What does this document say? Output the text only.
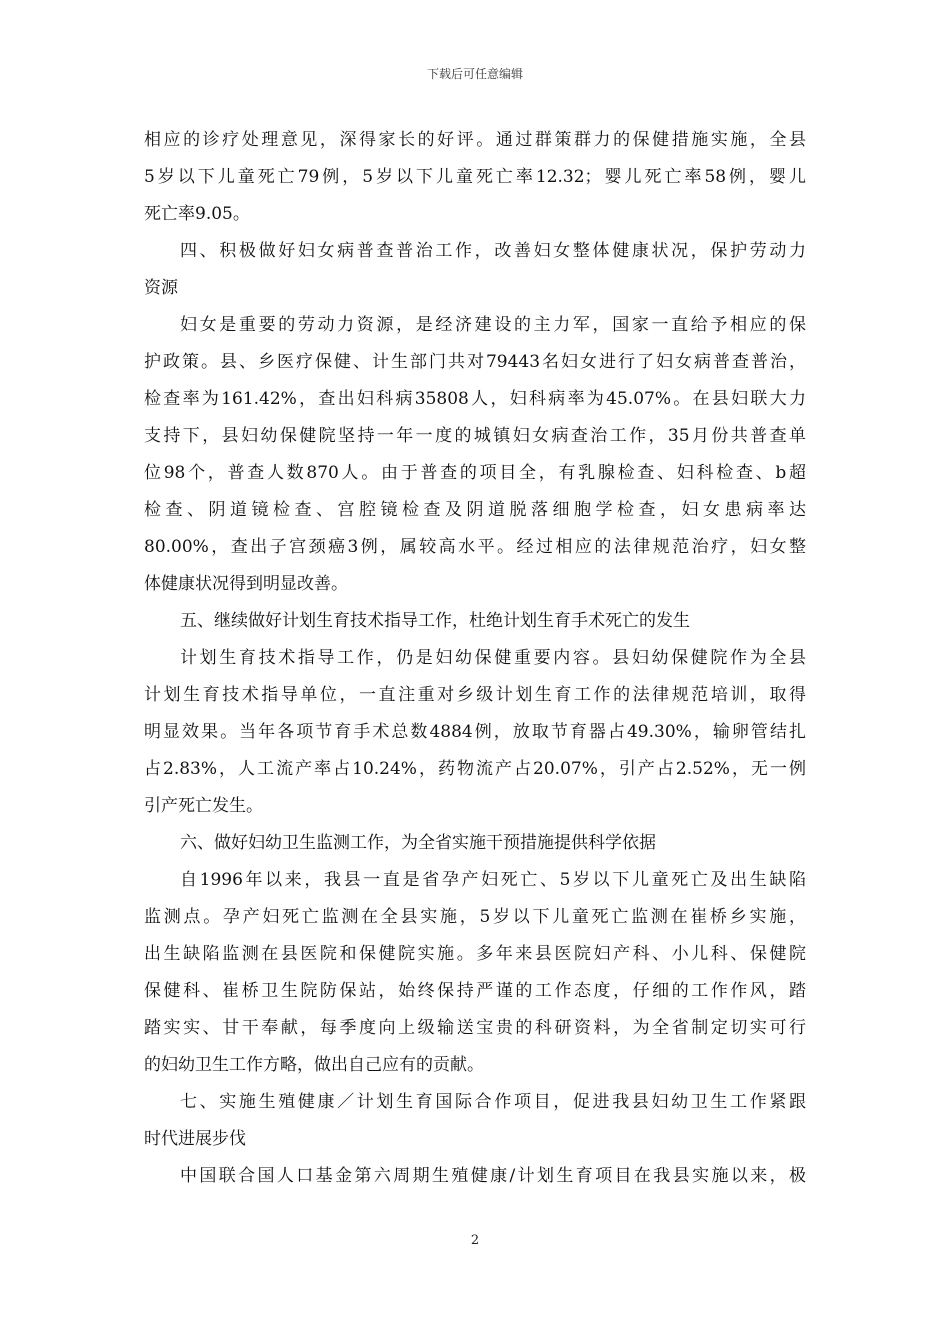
下载后可任意编辑
相应的诊疗处理意见，深得家长的好评。通过群策群力的保健措施实施，全县
5岁以下儿童死亡79例，5岁以下儿童死亡率12.32；婴儿死亡率58例，婴儿
死亡率9.05。
四、积极做好妇女病普查普治工作，改善妇女整体健康状况，保护劳动力
资源
妇女是重要的劳动力资源，是经济建设的主力军，国家一直给予相应的保
护政策。县、乡医疗保健、计生部门共对79443名妇女进行了妇女病普查普治，
检查率为161.42%，查出妇科病35808人，妇科病率为45.07%。在县妇联大力
支持下，县妇幼保健院坚持一年一度的城镇妇女病查治工作，35月份共普查单
位98个，普查人数870人。由于普查的项目全，有乳腺检查、妇科检查、b超
检查、阴道镜检查、宫腔镜检查及阴道脱落细胞学检查，妇女患病率达
80.00%，查出子宫颈癌3例，属较高水平。经过相应的法律规范治疗，妇女整
体健康状况得到明显改善。
五、继续做好计划生育技术指导工作，杜绝计划生育手术死亡的发生
计划生育技术指导工作，仍是妇幼保健重要内容。县妇幼保健院作为全县
计划生育技术指导单位，一直注重对乡级计划生育工作的法律规范培训，取得
明显效果。当年各项节育手术总数4884例，放取节育器占49.30%，输卵管结扎
占2.83%，人工流产率占10.24%，药物流产占20.07%，引产占2.52%，无一例
引产死亡发生。
六、做好妇幼卫生监测工作，为全省实施干预措施提供科学依据
自1996年以来，我县一直是省孕产妇死亡、5岁以下儿童死亡及出生缺陷
监测点。孕产妇死亡监测在全县实施，5岁以下儿童死亡监测在崔桥乡实施，
出生缺陷监测在县医院和保健院实施。多年来县医院妇产科、小儿科、保健院
保健科、崔桥卫生院防保站，始终保持严谨的工作态度，仔细的工作作风，踏
踏实实、甘干奉献，每季度向上级输送宝贵的科研资料，为全省制定切实可行
的妇幼卫生工作方略，做出自己应有的贡献。
七、实施生殖健康／计划生育国际合作项目，促进我县妇幼卫生工作紧跟
时代进展步伐
中国联合国人口基金第六周期生殖健康/计划生育项目在我县实施以来，极
2
